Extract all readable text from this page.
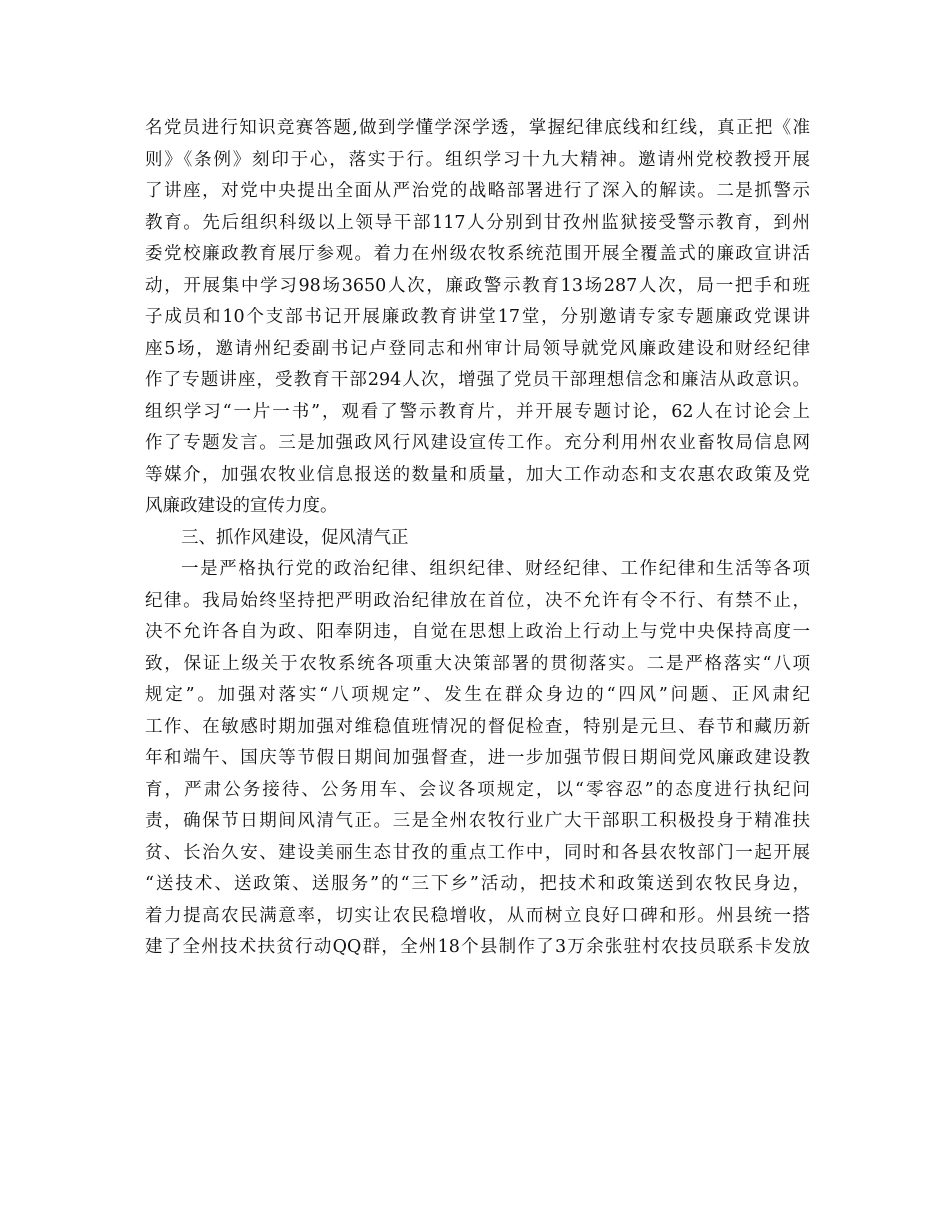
名党员进行知识竞赛答题,做到学懂学深学透，掌握纪律底线和红线，真正把《准
则》《条例》刻印于心，落实于行。组织学习十九大精神。邀请州党校教授开展
了讲座，对党中央提出全面从严治党的战略部署进行了深入的解读。二是抓警示
教育。先后组织科级以上领导干部117人分别到甘孜州监狱接受警示教育，到州
委党校廉政教育展厅参观。着力在州级农牧系统范围开展全覆盖式的廉政宣讲活
动，开展集中学习98场3650人次，廉政警示教育13场287人次，局一把手和班
子成员和10个支部书记开展廉政教育讲堂17堂，分别邀请专家专题廉政党课讲
座5场，邀请州纪委副书记卢登同志和州审计局领导就党风廉政建设和财经纪律
作了专题讲座，受教育干部294人次，增强了党员干部理想信念和廉洁从政意识。
组织学习“一片一书”，观看了警示教育片，并开展专题讨论，62人在讨论会上
作了专题发言。三是加强政风行风建设宣传工作。充分利用州农业畜牧局信息网
等媒介，加强农牧业信息报送的数量和质量，加大工作动态和支农惠农政策及党
风廉政建设的宣传力度。
三、抓作风建设，促风清气正
一是严格执行党的政治纪律、组织纪律、财经纪律、工作纪律和生活等各项
纪律。我局始终坚持把严明政治纪律放在首位，决不允许有令不行、有禁不止，
决不允许各自为政、阳奉阴违，自觉在思想上政治上行动上与党中央保持高度一
致，保证上级关于农牧系统各项重大决策部署的贯彻落实。二是严格落实“八项
规定”。加强对落实“八项规定”、发生在群众身边的“四风”问题、正风肃纪
工作、在敏感时期加强对维稳值班情况的督促检查，特别是元旦、春节和藏历新
年和端午、国庆等节假日期间加强督查，进一步加强节假日期间党风廉政建设教
育，严肃公务接待、公务用车、会议各项规定，以“零容忍”的态度进行执纪问
责，确保节日期间风清气正。三是全州农牧行业广大干部职工积极投身于精准扶
贫、长治久安、建设美丽生态甘孜的重点工作中，同时和各县农牧部门一起开展
“送技术、送政策、送服务”的“三下乡”活动，把技术和政策送到农牧民身边，
着力提高农民满意率，切实让农民稳增收，从而树立良好口碑和形。州县统一搭
建了全州技术扶贫行动QQ群，全州18个县制作了3万余张驻村农技员联系卡发放
